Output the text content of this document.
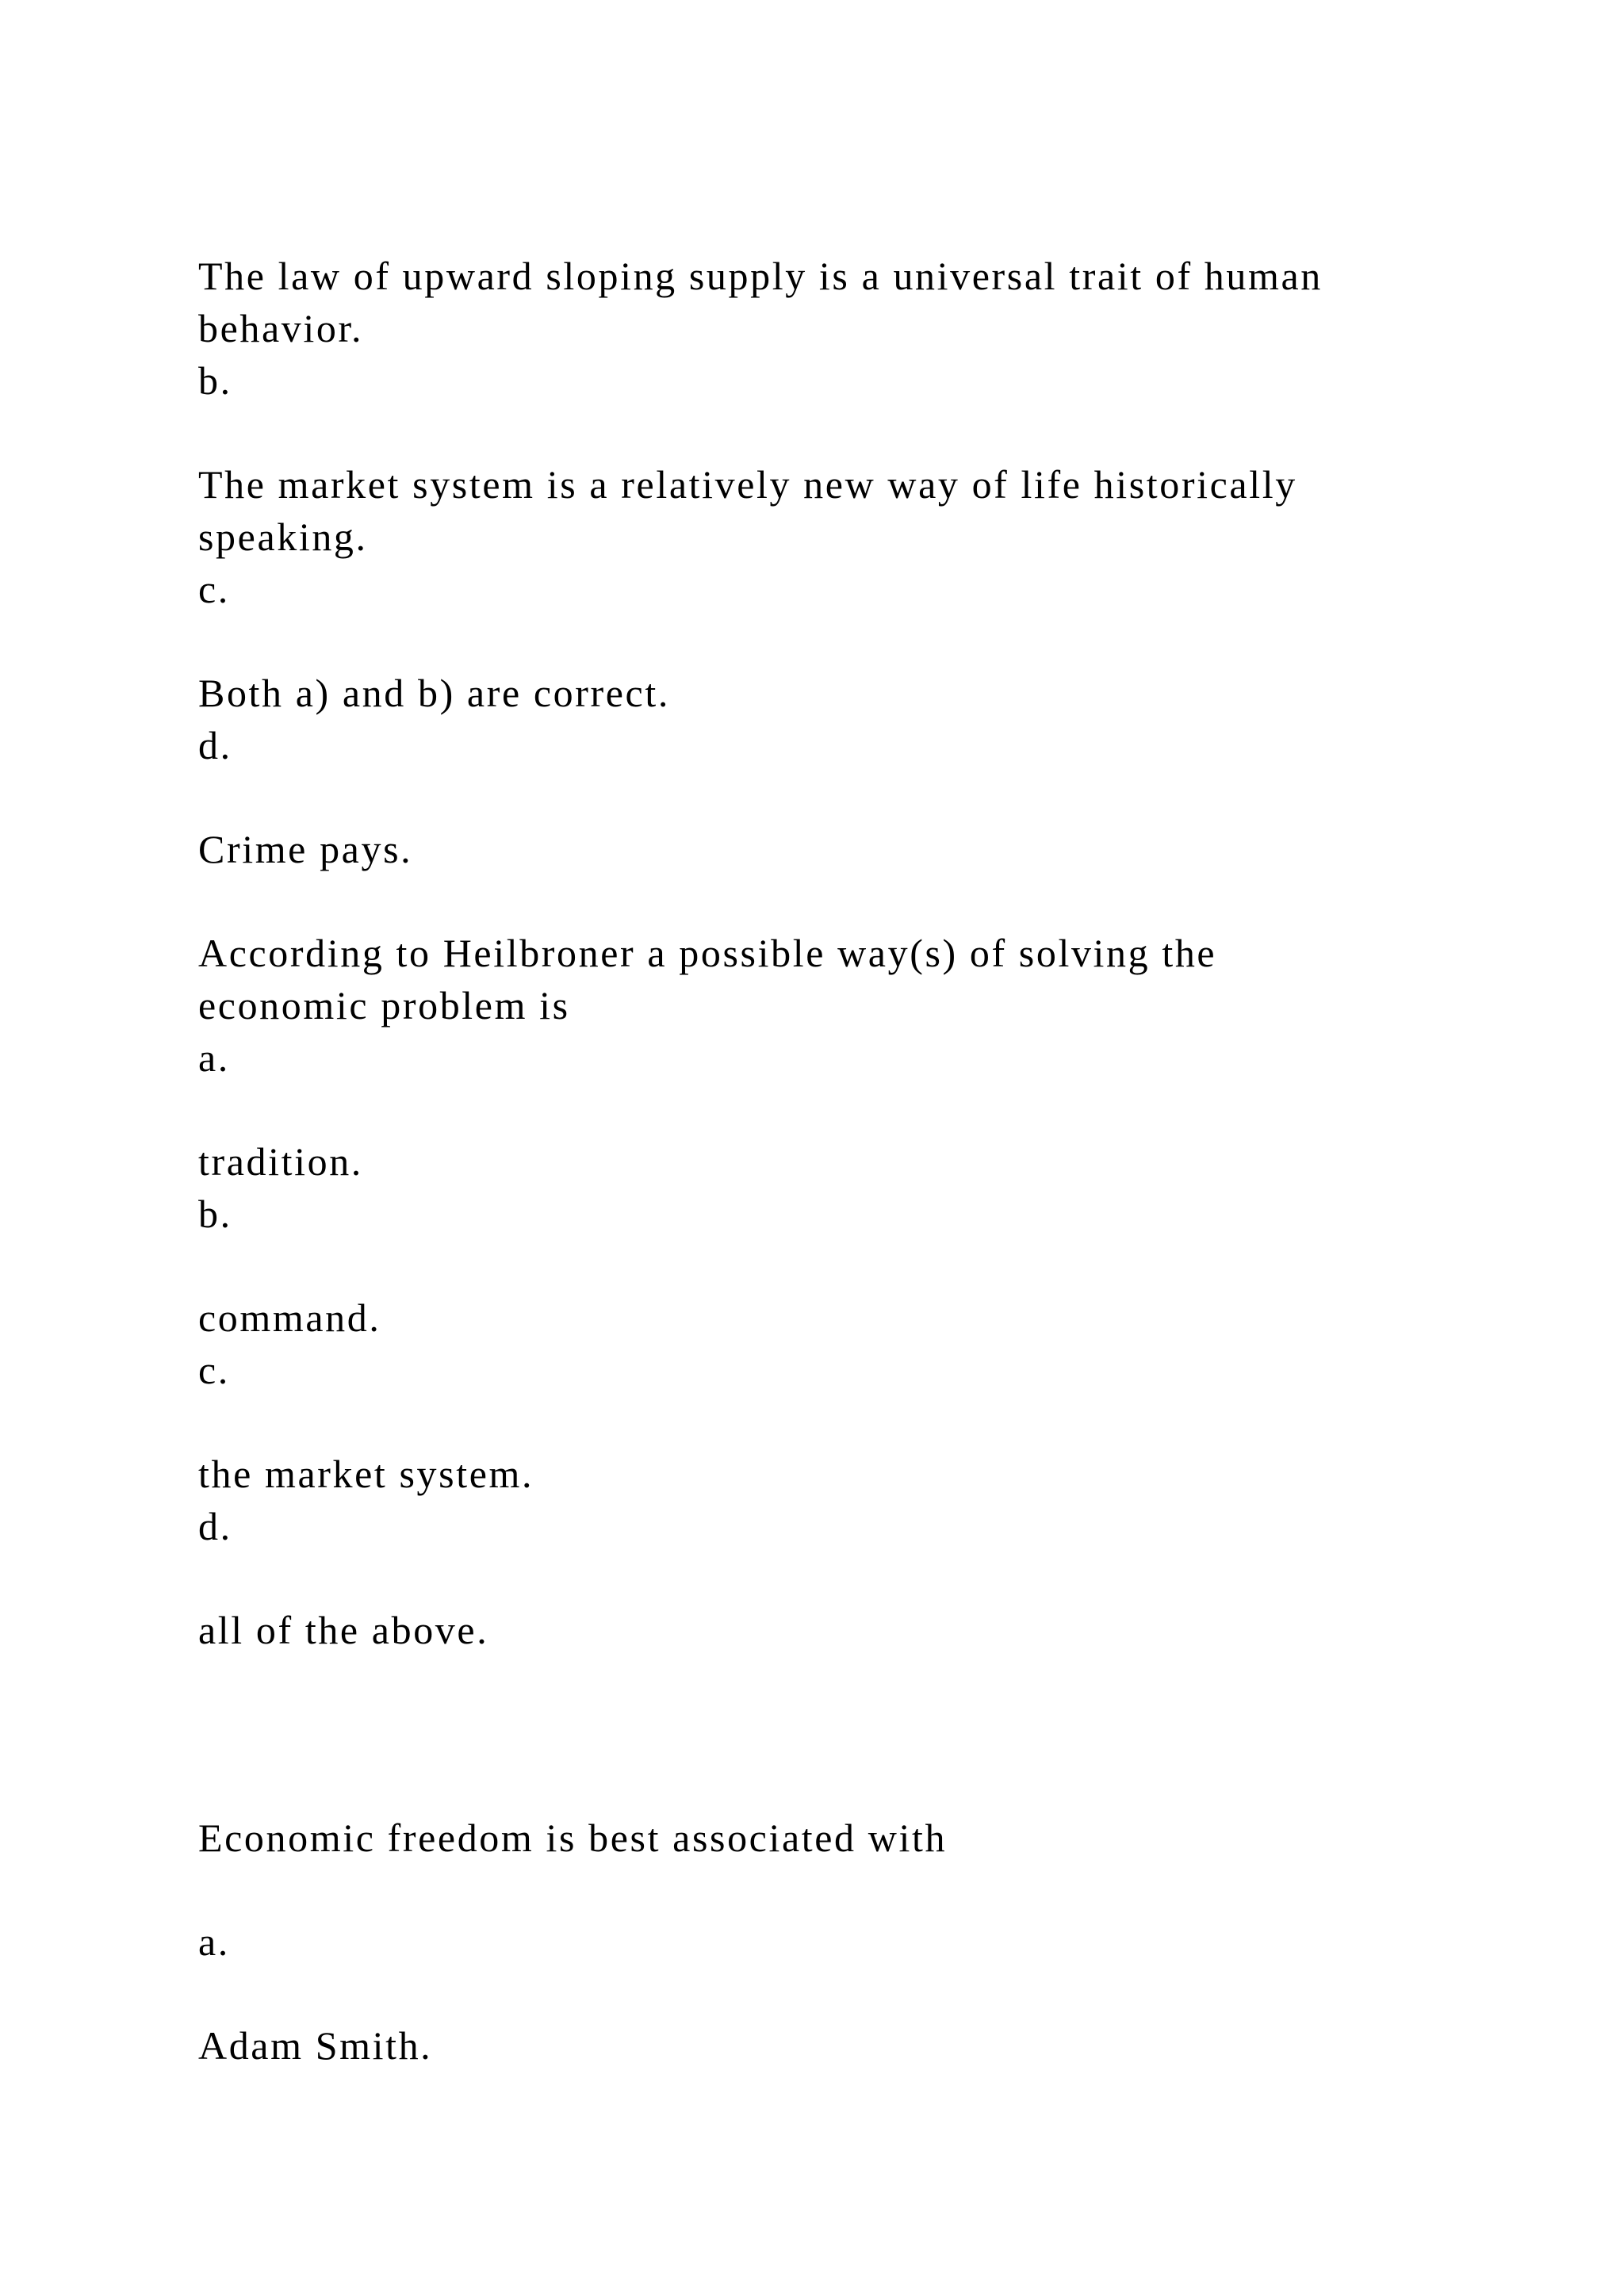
The law of upward sloping supply is a universal trait of human

behavior.

b.

The market system is a relatively new way of life historically

speaking.

c.

Both a) and b) are correct.

d.

Crime pays.

According to Heilbroner a possible way(s) of solving the

economic problem is

a.

tradition.

b.

command.

c.

the market system.

d.

all of the above.

Economic freedom is best associated with

a.

Adam Smith.
